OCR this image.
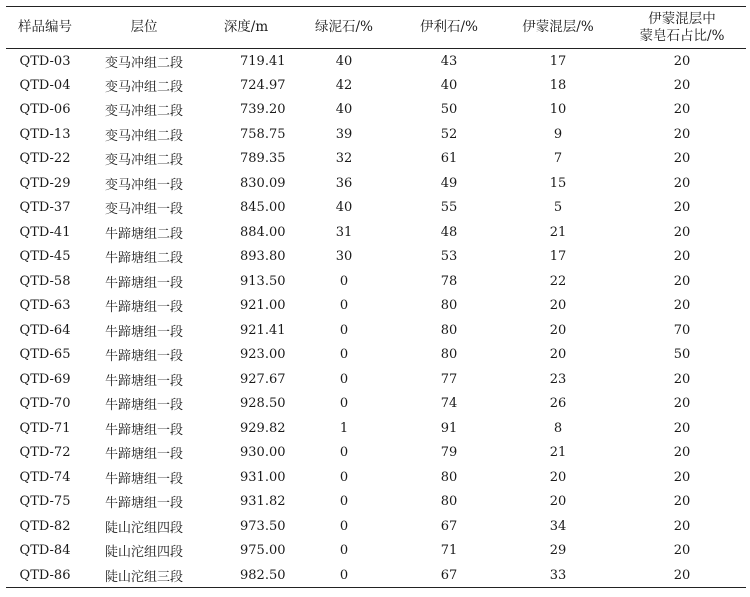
样品编号	层位	深度/m	绿泥石/%	伊利石/%	伊蒙混层/%	伊蒙混层中
蒙皂石占比/%

QTD-03	变马冲组二段	719.41	40	43	17	20
QTD-04	变马冲组二段	724.97	42	40	18	20
QTD-06	变马冲组二段	739.20	40	50	10	20
QTD-13	变马冲组二段	758.75	39	52	9	20
QTD-22	变马冲组二段	789.35	32	61	7	20
QTD-29	变马冲组一段	830.09	36	49	15	20
QTD-37	变马冲组一段	845.00	40	55	5	20
QTD-41	牛蹄塘组二段	884.00	31	48	21	20
QTD-45	牛蹄塘组二段	893.80	30	53	17	20
QTD-58	牛蹄塘组一段	913.50	0	78	22	20
QTD-63	牛蹄塘组一段	921.00	0	80	20	20
QTD-64	牛蹄塘组一段	921.41	0	80	20	70
QTD-65	牛蹄塘组一段	923.00	0	80	20	50
QTD-69	牛蹄塘组一段	927.67	0	77	23	20
QTD-70	牛蹄塘组一段	928.50	0	74	26	20
QTD-71	牛蹄塘组一段	929.82	1	91	8	20
QTD-72	牛蹄塘组一段	930.00	0	79	21	20
QTD-74	牛蹄塘组一段	931.00	0	80	20	20
QTD-75	牛蹄塘组一段	931.82	0	80	20	20
QTD-82	陡山沱组四段	973.50	0	67	34	20
QTD-84	陡山沱组四段	975.00	0	71	29	20
QTD-86	陡山沱组三段	982.50	0	67	33	20
